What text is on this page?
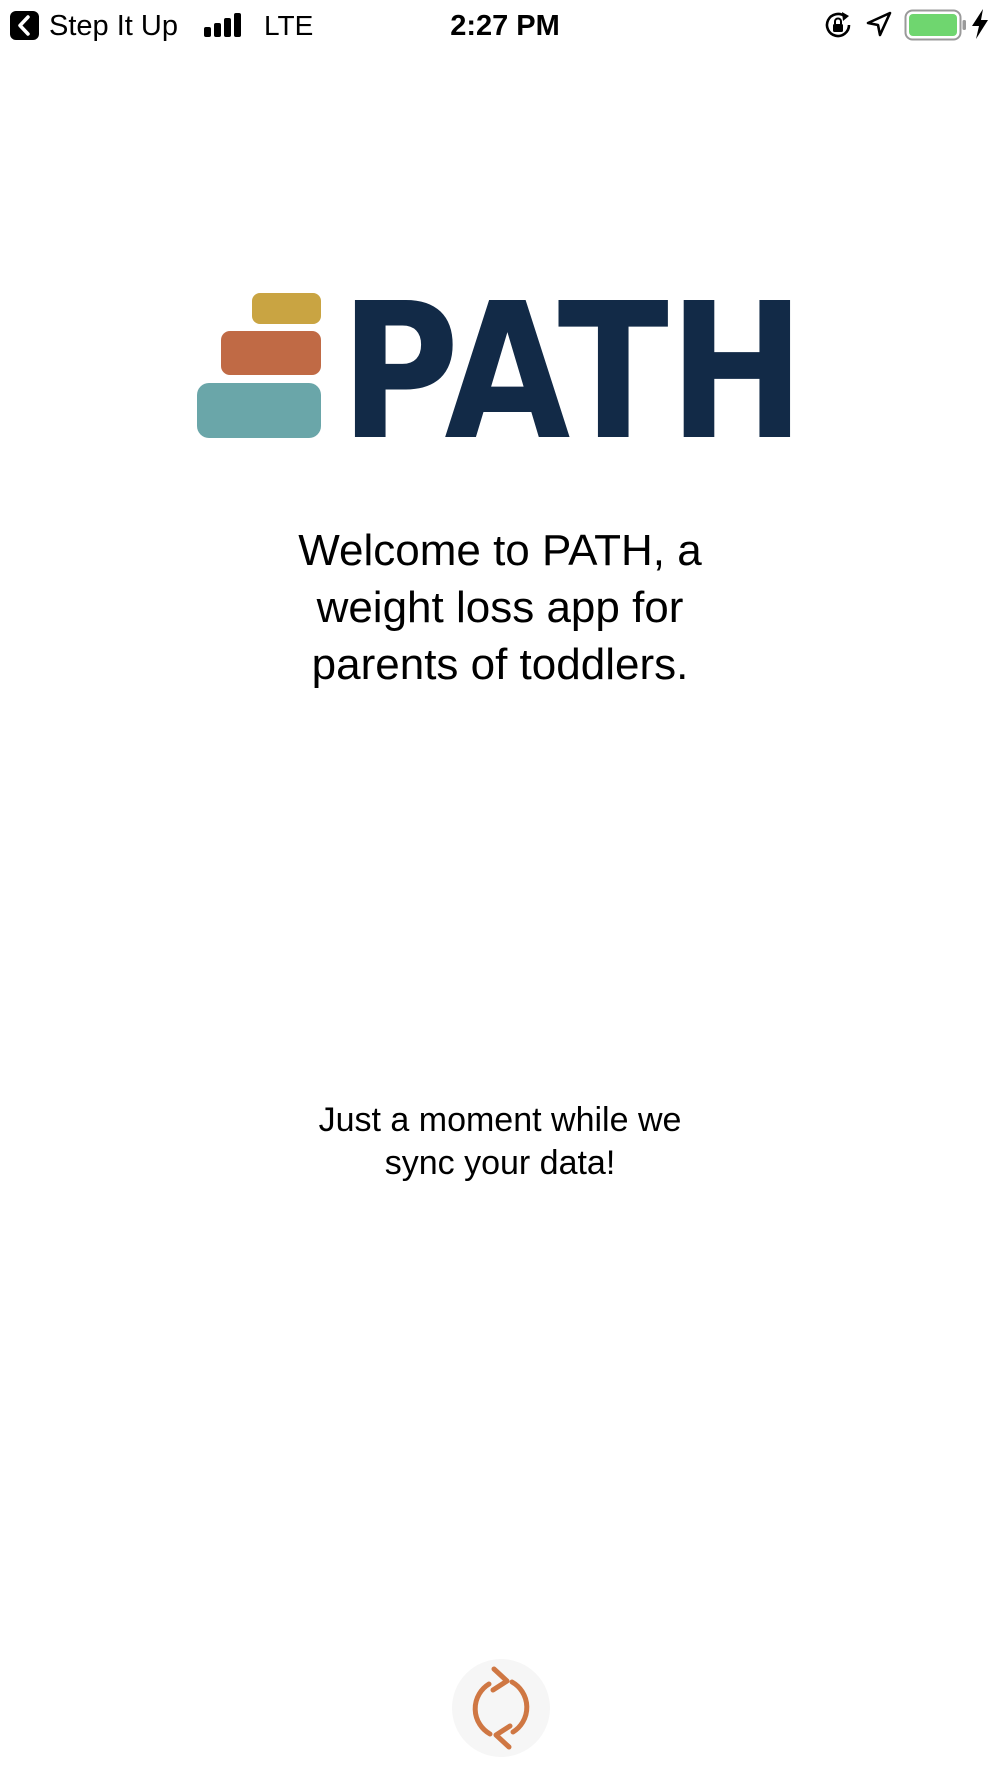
Step It Up	LTE	2:27 PM
PATH
Welcome to PATH, a
weight loss app for
parents of toddlers.
Just a moment while we
sync your data!
